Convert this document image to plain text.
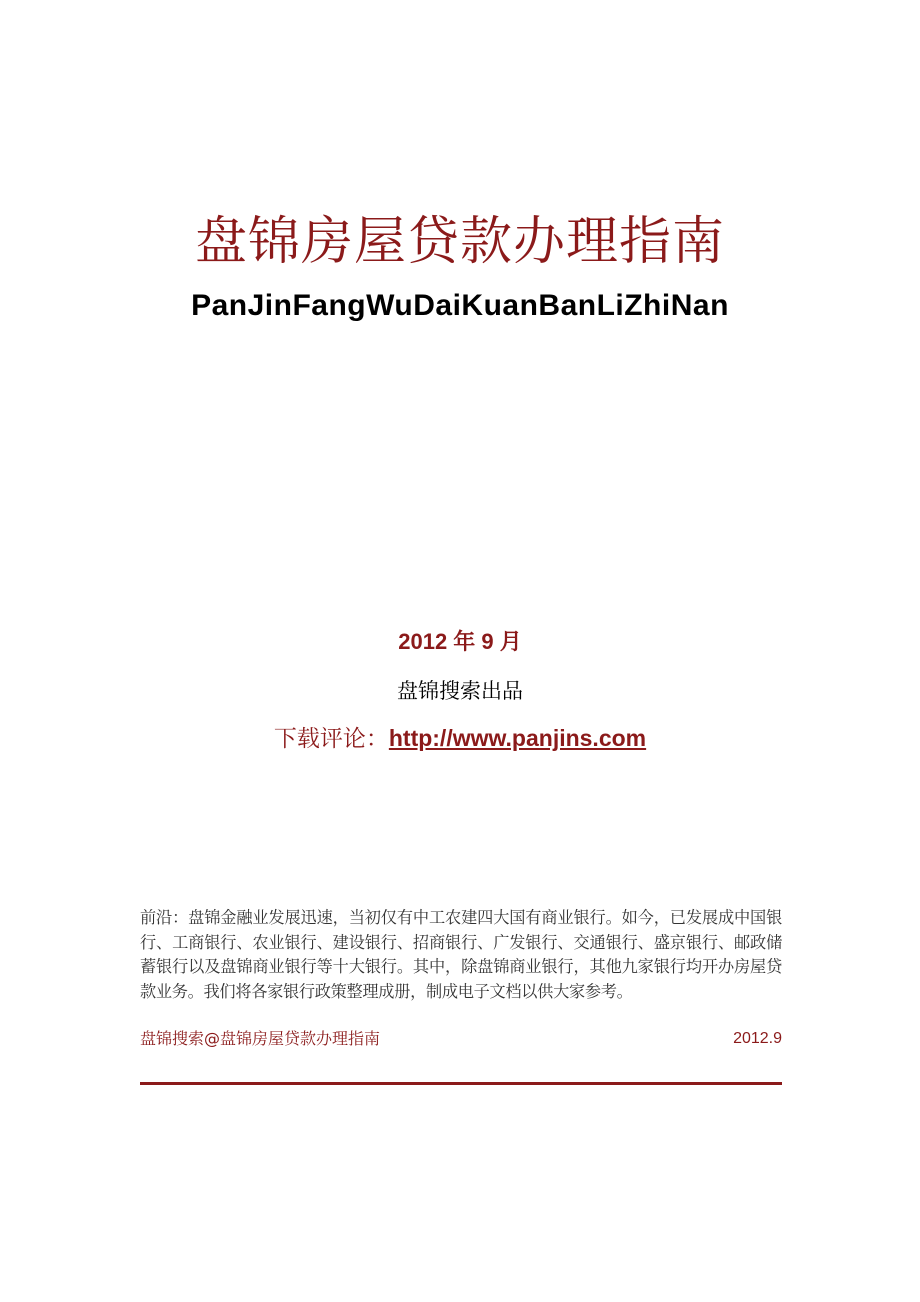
盘锦房屋贷款办理指南
PanJinFangWuDaiKuanBanLiZhiNan
2012 年 9 月
盘锦搜索出品
下载评论：http://www.panjins.com
前沿：盘锦金融业发展迅速，当初仅有中工农建四大国有商业银行。如今，已发展成中国银行、工商银行、农业银行、建设银行、招商银行、广发银行、交通银行、盛京银行、邮政储蓄银行以及盘锦商业银行等十大银行。其中，除盘锦商业银行，其他九家银行均开办房屋贷款业务。我们将各家银行政策整理成册，制成电子文档以供大家参考。
盘锦搜索@盘锦房屋贷款办理指南	2012.9
